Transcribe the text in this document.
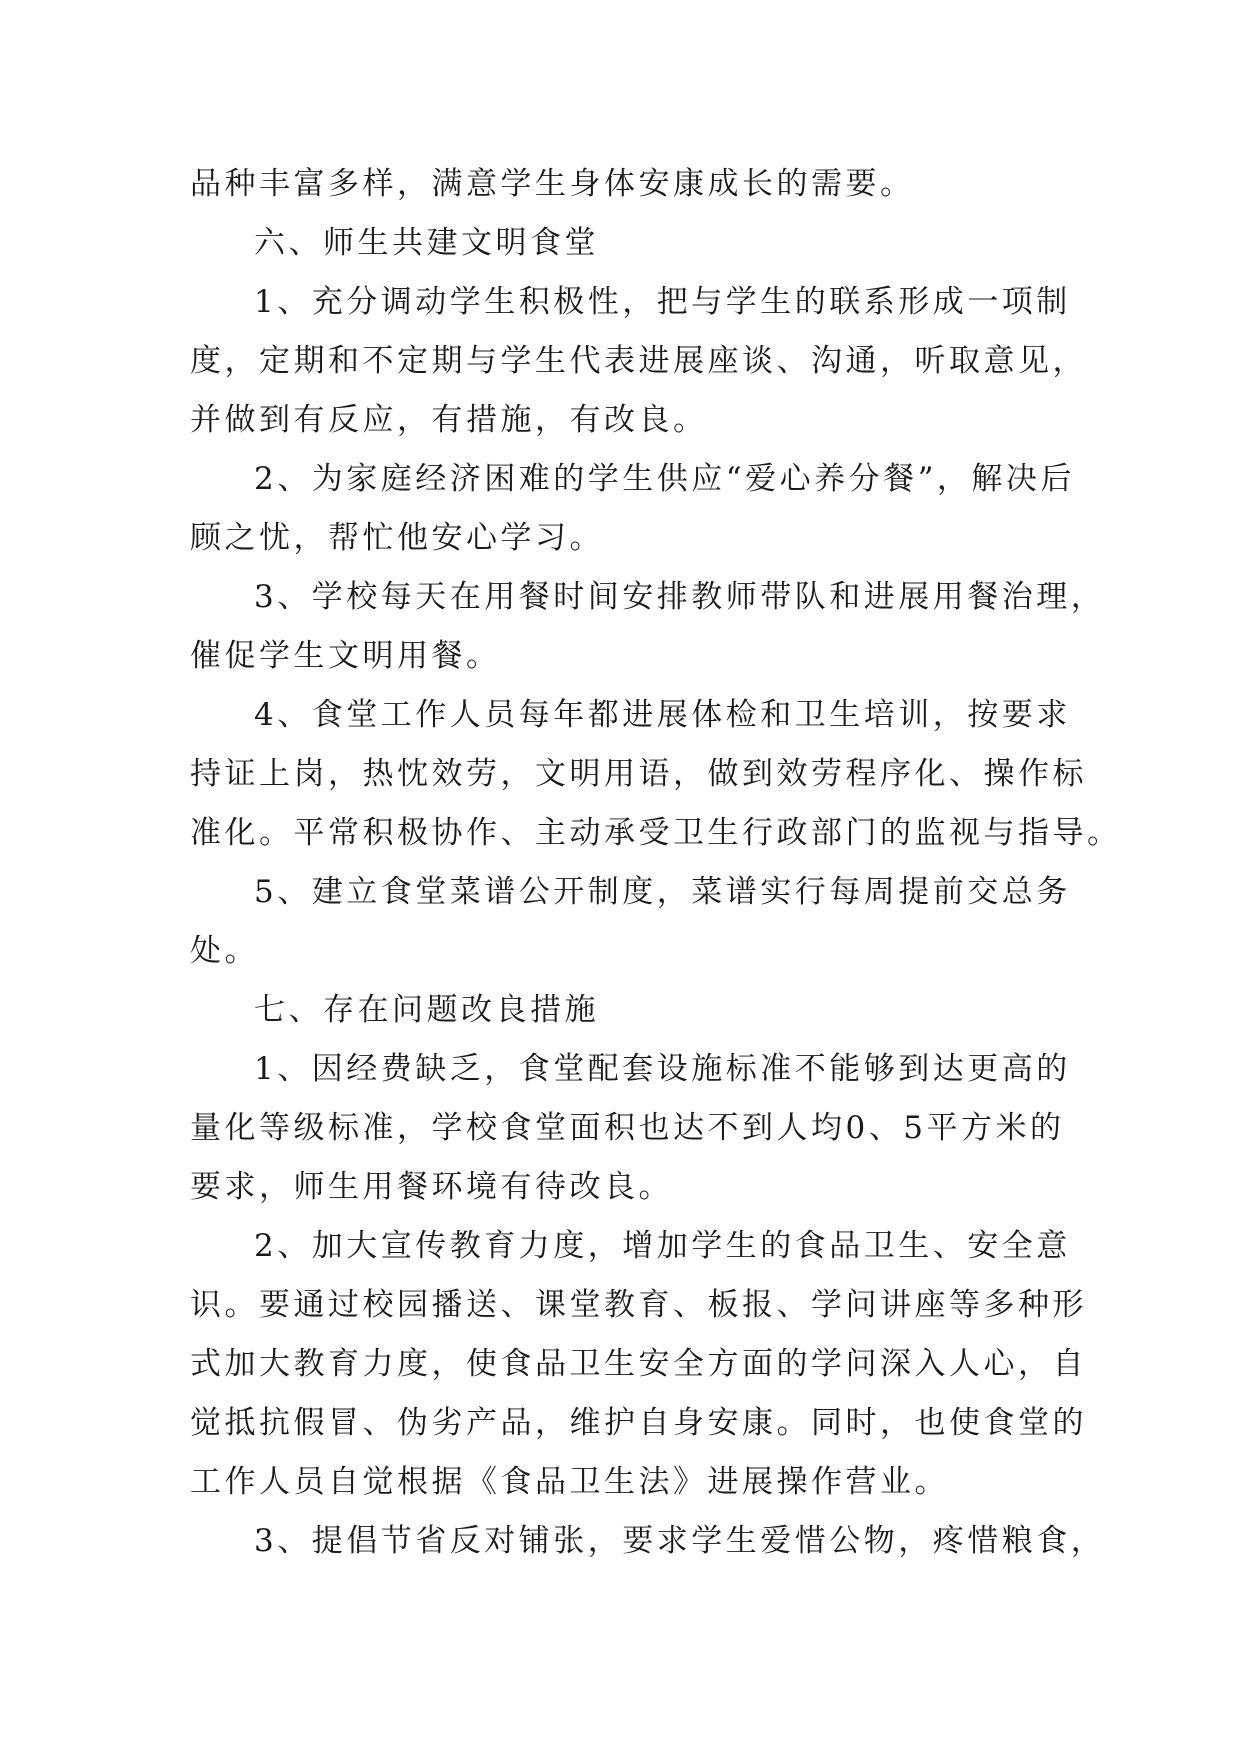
品种丰富多样，满意学生身体安康成长的需要。
六、师生共建文明食堂
1、充分调动学生积极性，把与学生的联系形成一项制
度，定期和不定期与学生代表进展座谈、沟通，听取意见，
并做到有反应，有措施，有改良。
2、为家庭经济困难的学生供应“爱心养分餐”，解决后
顾之忧，帮忙他安心学习。
3、学校每天在用餐时间安排教师带队和进展用餐治理，
催促学生文明用餐。
4、食堂工作人员每年都进展体检和卫生培训，按要求
持证上岗，热忱效劳，文明用语，做到效劳程序化、操作标
准化。平常积极协作、主动承受卫生行政部门的监视与指导。
5、建立食堂菜谱公开制度，菜谱实行每周提前交总务
处。
七、存在问题改良措施
1、因经费缺乏，食堂配套设施标准不能够到达更高的
量化等级标准，学校食堂面积也达不到人均0、5平方米的
要求，师生用餐环境有待改良。
2、加大宣传教育力度，增加学生的食品卫生、安全意
识。要通过校园播送、课堂教育、板报、学问讲座等多种形
式加大教育力度，使食品卫生安全方面的学问深入人心，自
觉抵抗假冒、伪劣产品，维护自身安康。同时，也使食堂的
工作人员自觉根据《食品卫生法》进展操作营业。
3、提倡节省反对铺张，要求学生爱惜公物，疼惜粮食，
